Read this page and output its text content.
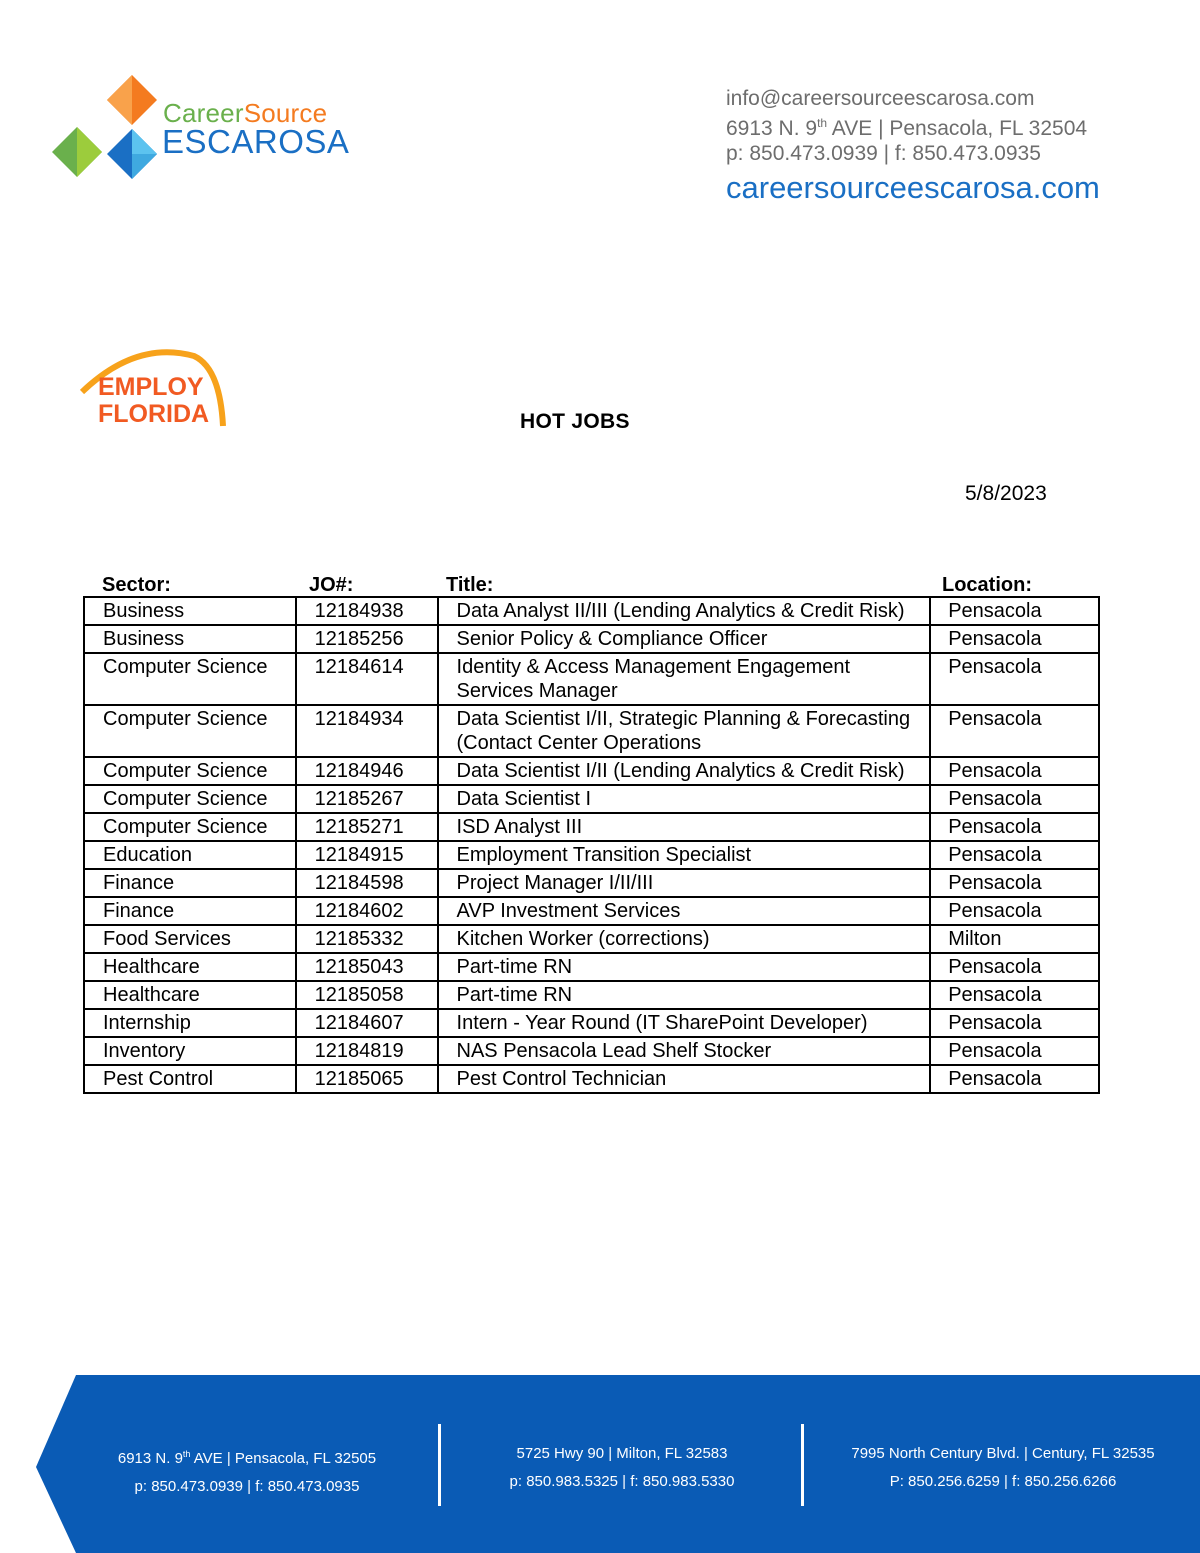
CareerSource
ESCAROSA
info@careersourceescarosa.com
6913 N. 9th AVE | Pensacola, FL 32504
p: 850.473.0939 | f: 850.473.0935
careersourceescarosa.com
EMPLOY
FLORIDA	HOT JOBS
5/8/2023
Sector:	JO#:	Title:	Location:
Business	12184938	Data Analyst II/III (Lending Analytics & Credit Risk)	Pensacola
Business	12185256	Senior Policy & Compliance Officer	Pensacola
Computer Science	12184614	Identity & Access Management Engagement Services Manager	Pensacola
Computer Science	12184934	Data Scientist I/II, Strategic Planning & Forecasting (Contact Center Operations	Pensacola
Computer Science	12184946	Data Scientist I/II (Lending Analytics & Credit Risk)	Pensacola
Computer Science	12185267	Data Scientist I	Pensacola
Computer Science	12185271	ISD Analyst III	Pensacola
Education	12184915	Employment Transition Specialist	Pensacola
Finance	12184598	Project Manager I/II/III	Pensacola
Finance	12184602	AVP Investment Services	Pensacola
Food Services	12185332	Kitchen Worker (corrections)	Milton
Healthcare	12185043	Part-time RN	Pensacola
Healthcare	12185058	Part-time RN	Pensacola
Internship	12184607	Intern - Year Round (IT SharePoint Developer)	Pensacola
Inventory	12184819	NAS Pensacola Lead Shelf Stocker	Pensacola
Pest Control	12185065	Pest Control Technician	Pensacola
6913 N. 9th AVE | Pensacola, FL 32505
p: 850.473.0939 | f: 850.473.0935
5725 Hwy 90 | Milton, FL 32583
p: 850.983.5325 | f: 850.983.5330
7995 North Century Blvd. | Century, FL 32535
P: 850.256.6259 | f: 850.256.6266
